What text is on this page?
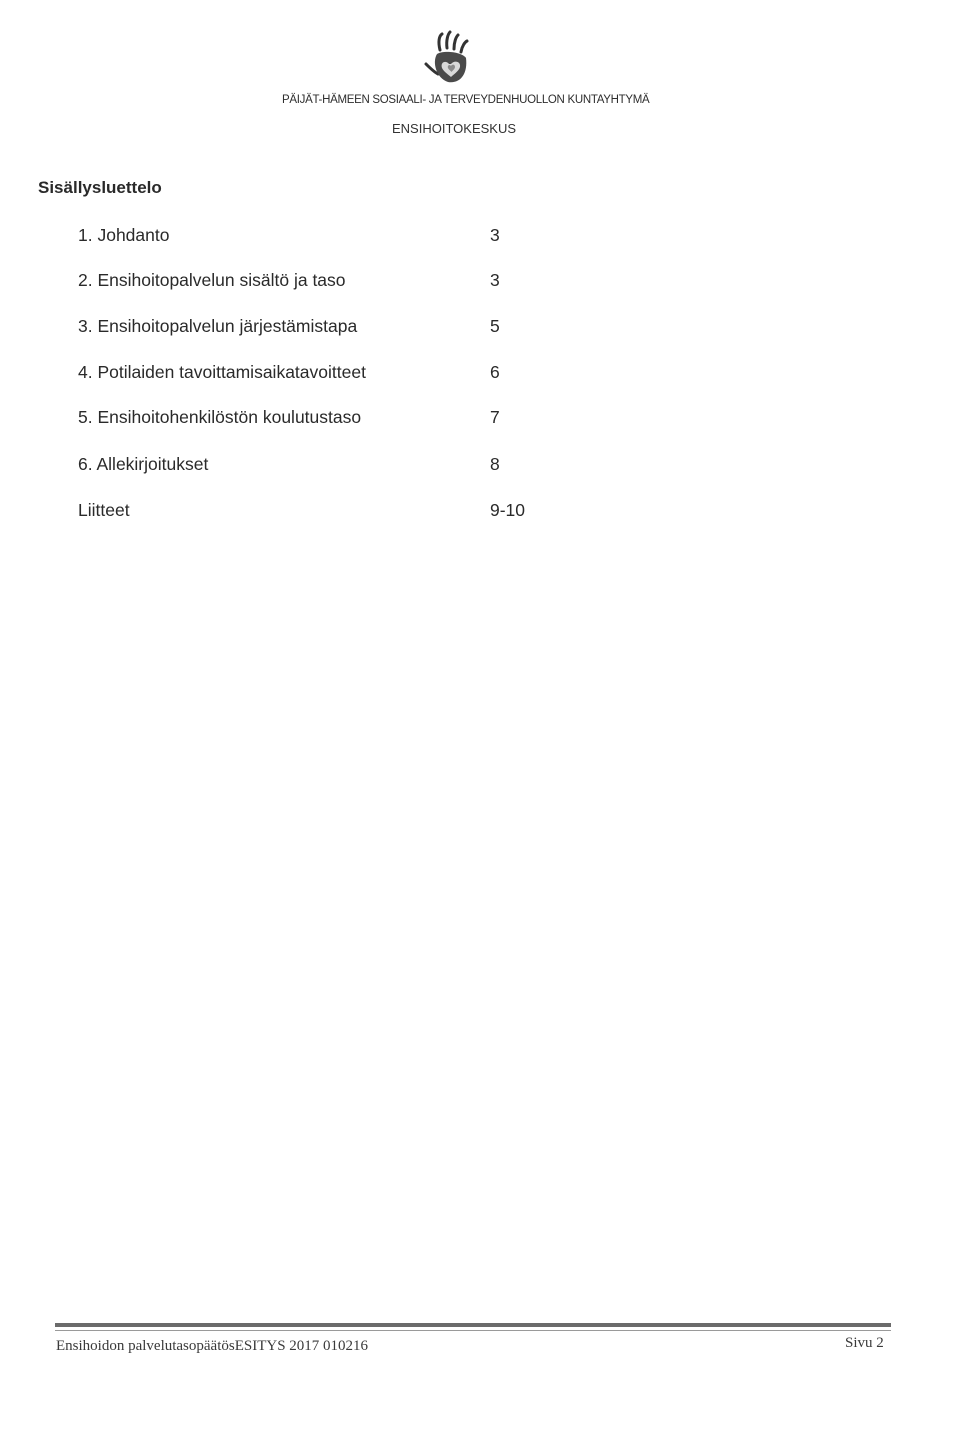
PÄIJÄT-HÄMEEN SOSIAALI- JA TERVEYDENHUOLLON KUNTAYHTYMÄ
ENSIHOITOKESKUS
Sisällysluettelo
1. Johdanto	3
2. Ensihoitopalvelun sisältö ja taso	3
3. Ensihoitopalvelun järjestämistapa	5
4. Potilaiden tavoittamisaikatavoitteet	6
5. Ensihoitohenkilöstön koulutustaso	7
6. Allekirjoitukset	8
Liitteet	9-10
Ensihoidon palvelutasopäätösESITYS 2017 010216	Sivu 2
